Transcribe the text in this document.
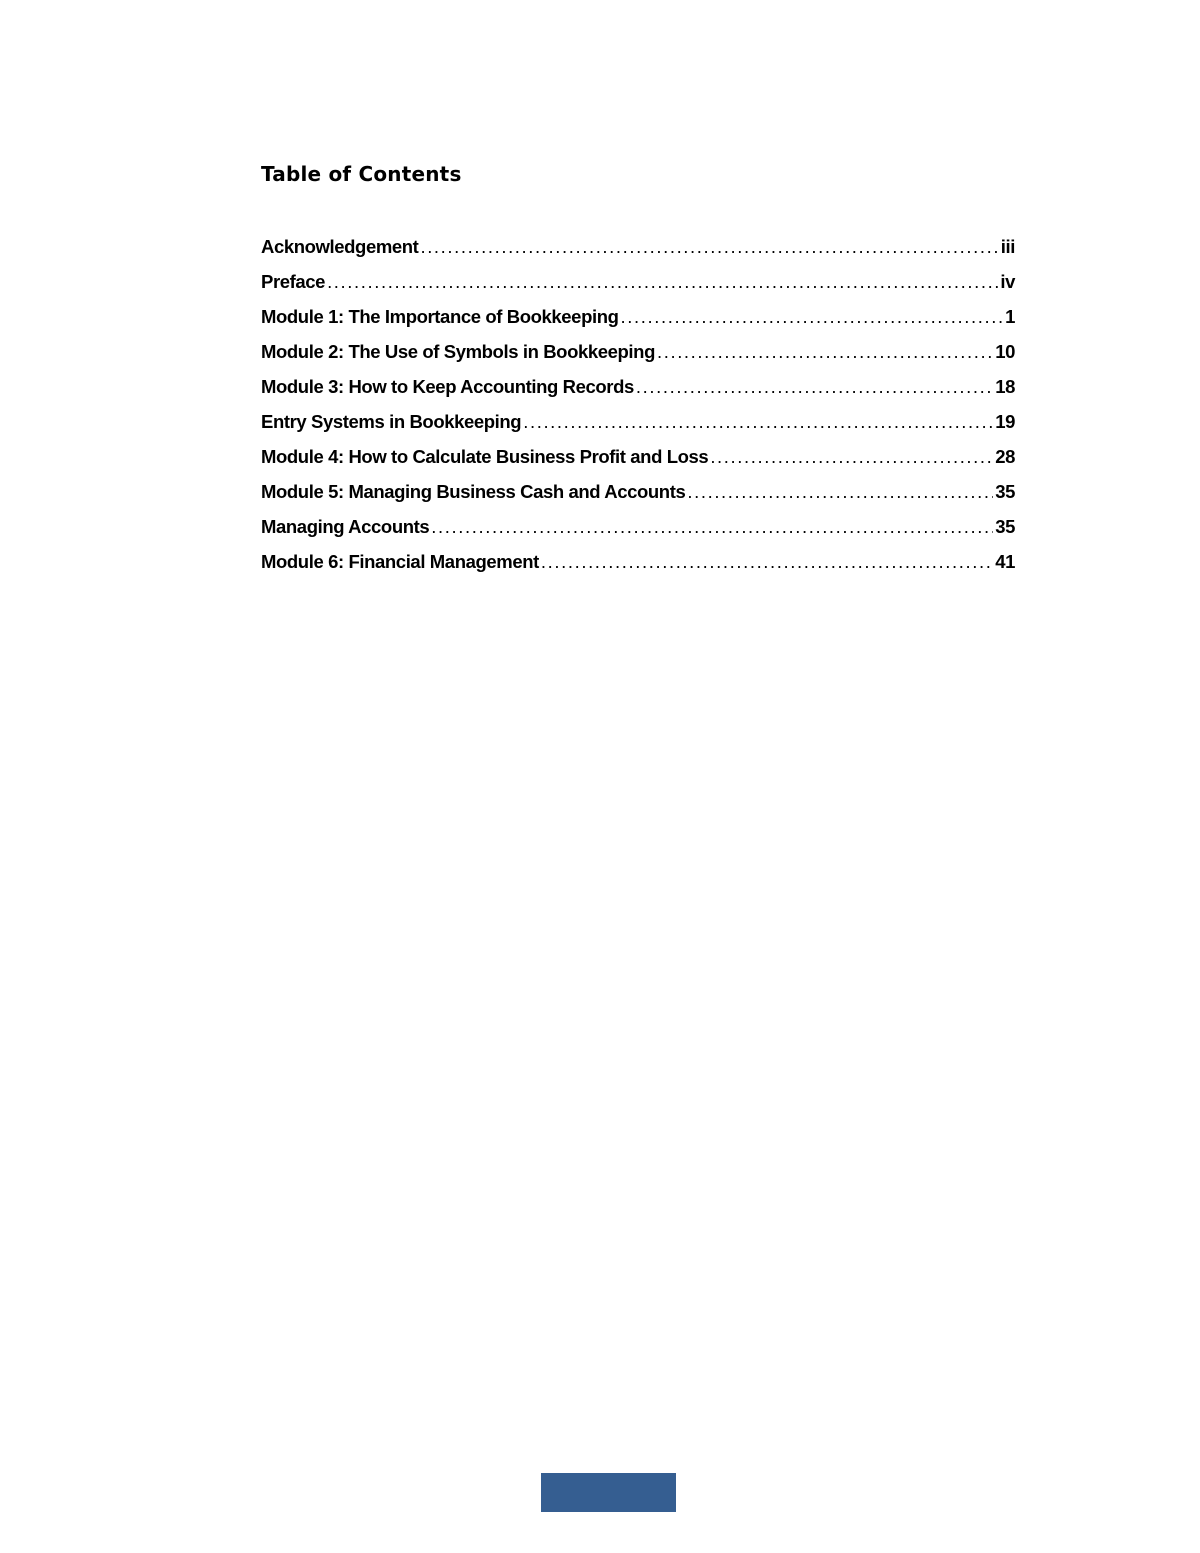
Table of Contents
Acknowledgement .....	iii
Preface .....	iv
Module 1: The Importance of Bookkeeping .....	1
Module 2: The Use of Symbols in Bookkeeping .....	10
Module 3: How to Keep Accounting Records .....	18
Entry Systems in Bookkeeping .....	19
Module 4: How to Calculate Business Profit and Loss .....	28
Module 5: Managing Business Cash and Accounts .....	35
Managing Accounts .....	35
Module 6: Financial Management .....	41
